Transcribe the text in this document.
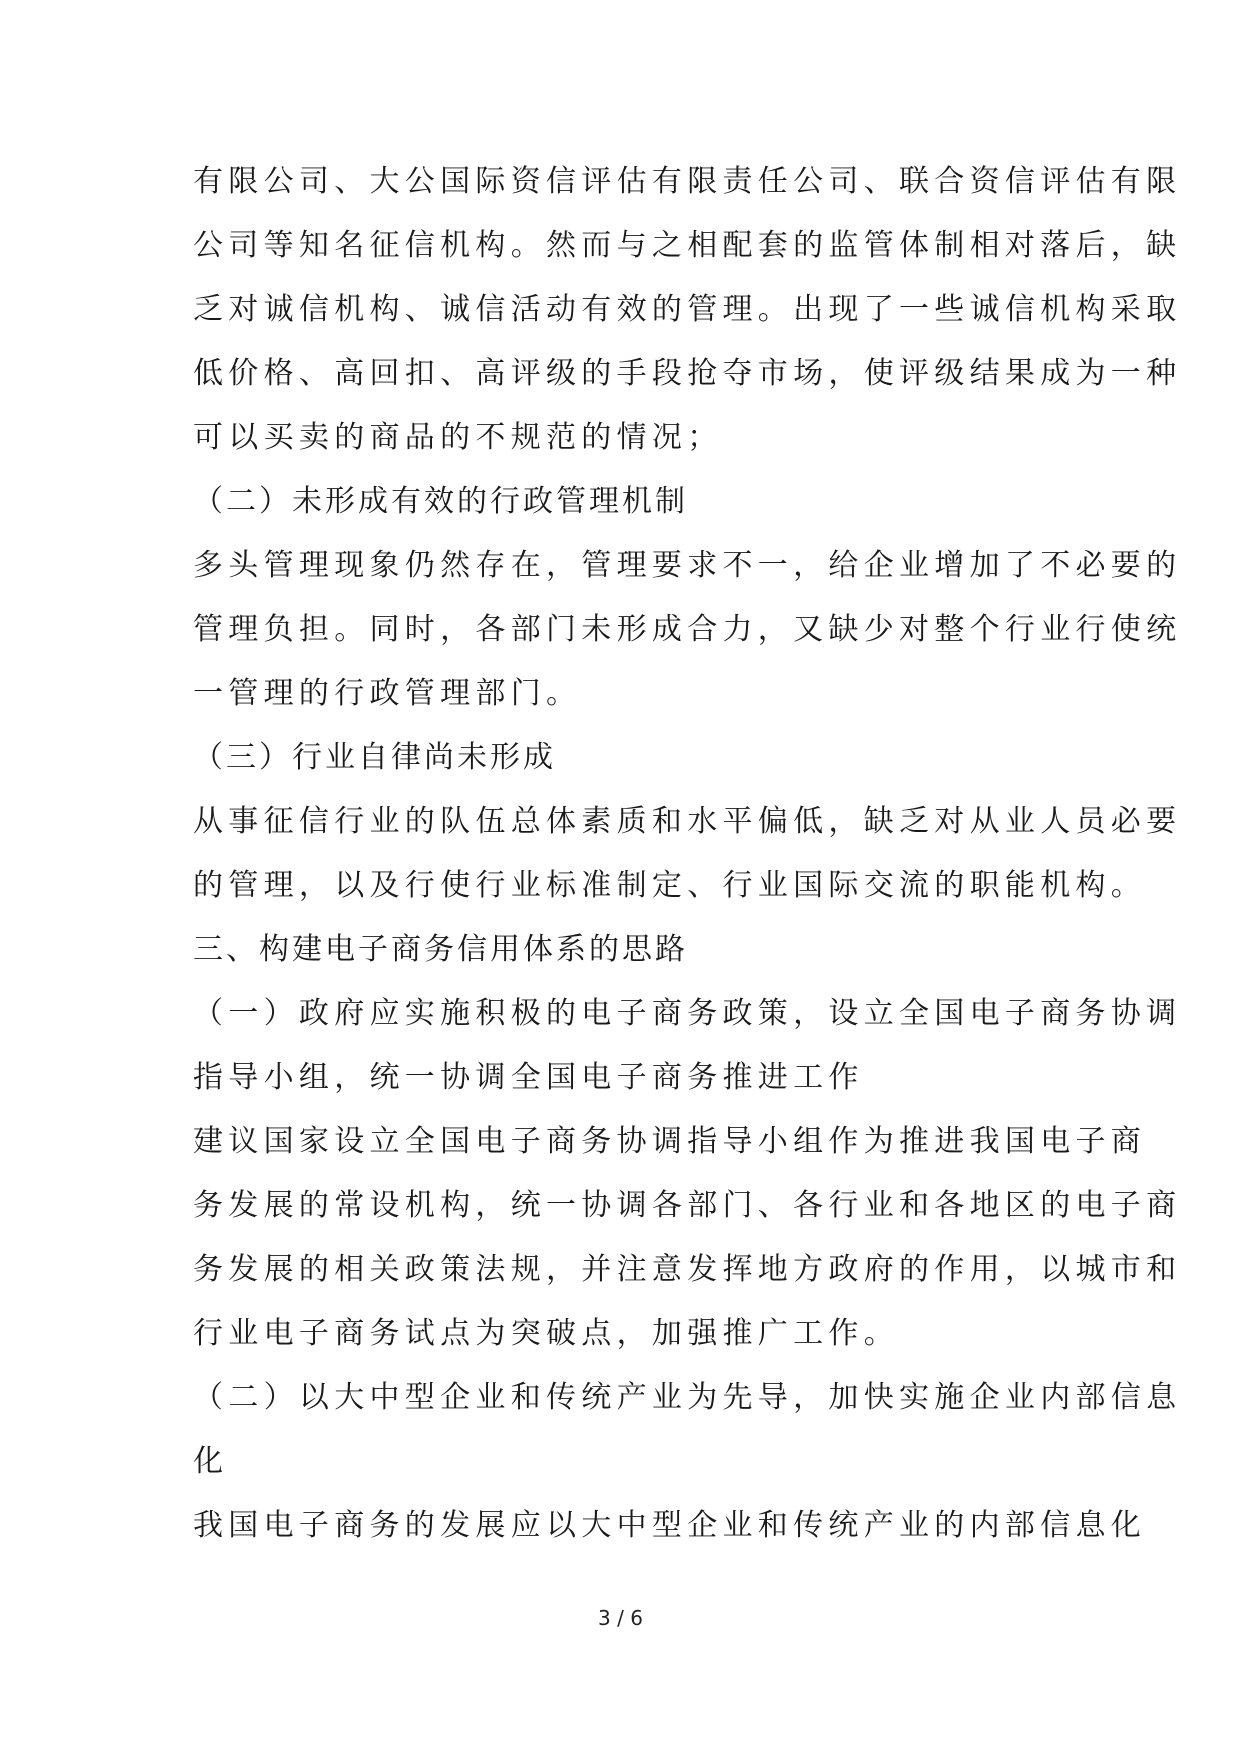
有限公司、大公国际资信评估有限责任公司、联合资信评估有限
公司等知名征信机构。然而与之相配套的监管体制相对落后，缺
乏对诚信机构、诚信活动有效的管理。出现了一些诚信机构采取
低价格、高回扣、高评级的手段抢夺市场，使评级结果成为一种
可以买卖的商品的不规范的情况；
（二）未形成有效的行政管理机制
多头管理现象仍然存在，管理要求不一，给企业增加了不必要的
管理负担。同时，各部门未形成合力，又缺少对整个行业行使统
一管理的行政管理部门。
（三）行业自律尚未形成
从事征信行业的队伍总体素质和水平偏低，缺乏对从业人员必要
的管理，以及行使行业标准制定、行业国际交流的职能机构。
三、构建电子商务信用体系的思路
（一）政府应实施积极的电子商务政策，设立全国电子商务协调
指导小组，统一协调全国电子商务推进工作
建议国家设立全国电子商务协调指导小组作为推进我国电子商
务发展的常设机构，统一协调各部门、各行业和各地区的电子商
务发展的相关政策法规，并注意发挥地方政府的作用，以城市和
行业电子商务试点为突破点，加强推广工作。
（二）以大中型企业和传统产业为先导，加快实施企业内部信息
化
我国电子商务的发展应以大中型企业和传统产业的内部信息化
3 / 6
